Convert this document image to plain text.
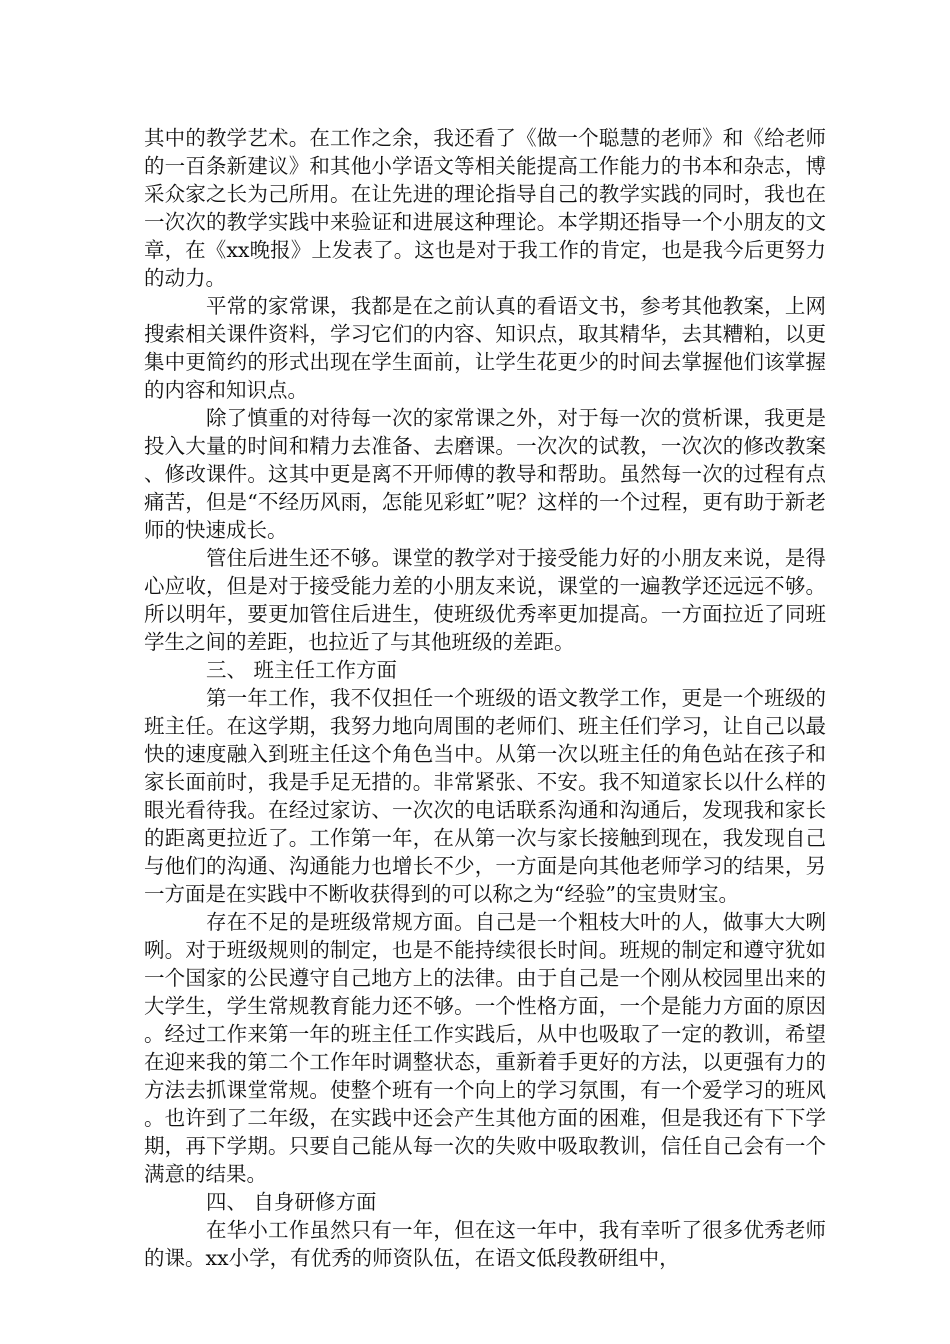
其中的教学艺术。在工作之余，我还看了《做一个聪慧的老师》和《给老师的一百条新建议》和其他小学语文等相关能提高工作能力的书本和杂志，博采众家之长为己所用。在让先进的理论指导自己的教学实践的同时，我也在一次次的教学实践中来验证和进展这种理论。本学期还指导一个小朋友的文章，在《xx晚报》上发表了。这也是对于我工作的肯定，也是我今后更努力的动力。

平常的家常课，我都是在之前认真的看语文书，参考其他教案，上网搜索相关课件资料，学习它们的内容、知识点，取其精华，去其糟粕，以更集中更简约的形式出现在学生面前，让学生花更少的时间去掌握他们该掌握的内容和知识点。

除了慎重的对待每一次的家常课之外，对于每一次的赏析课，我更是投入大量的时间和精力去准备、去磨课。一次次的试教，一次次的修改教案、修改课件。这其中更是离不开师傅的教导和帮助。虽然每一次的过程有点痛苦，但是“不经历风雨，怎能见彩虹”呢？这样的一个过程，更有助于新老师的快速成长。

管住后进生还不够。课堂的教学对于接受能力好的小朋友来说，是得心应收，但是对于接受能力差的小朋友来说，课堂的一遍教学还远远不够。所以明年，要更加管住后进生，使班级优秀率更加提高。一方面拉近了同班学生之间的差距，也拉近了与其他班级的差距。

三、 班主任工作方面

第一年工作，我不仅担任一个班级的语文教学工作，更是一个班级的班主任。在这学期，我努力地向周围的老师们、班主任们学习，让自己以最快的速度融入到班主任这个角色当中。从第一次以班主任的角色站在孩子和家长面前时，我是手足无措的。非常紧张、不安。我不知道家长以什么样的眼光看待我。在经过家访、一次次的电话联系沟通和沟通后，发现我和家长的距离更拉近了。工作第一年，在从第一次与家长接触到现在，我发现自己与他们的沟通、沟通能力也增长不少，一方面是向其他老师学习的结果，另一方面是在实践中不断收获得到的可以称之为“经验”的宝贵财宝。

存在不足的是班级常规方面。自己是一个粗枝大叶的人，做事大大咧咧。对于班级规则的制定，也是不能持续很长时间。班规的制定和遵守犹如一个国家的公民遵守自己地方上的法律。由于自己是一个刚从校园里出来的大学生，学生常规教育能力还不够。一个性格方面，一个是能力方面的原因。经过工作来第一年的班主任工作实践后，从中也吸取了一定的教训，希望在迎来我的第二个工作年时调整状态，重新着手更好的方法，以更强有力的方法去抓课堂常规。使整个班有一个向上的学习氛围，有一个爱学习的班风。也许到了二年级，在实践中还会产生其他方面的困难，但是我还有下下学期，再下学期。只要自己能从每一次的失败中吸取教训，信任自己会有一个满意的结果。

四、 自身研修方面

在华小工作虽然只有一年，但在这一年中，我有幸听了很多优秀老师的课。xx小学，有优秀的师资队伍，在语文低段教研组中，
